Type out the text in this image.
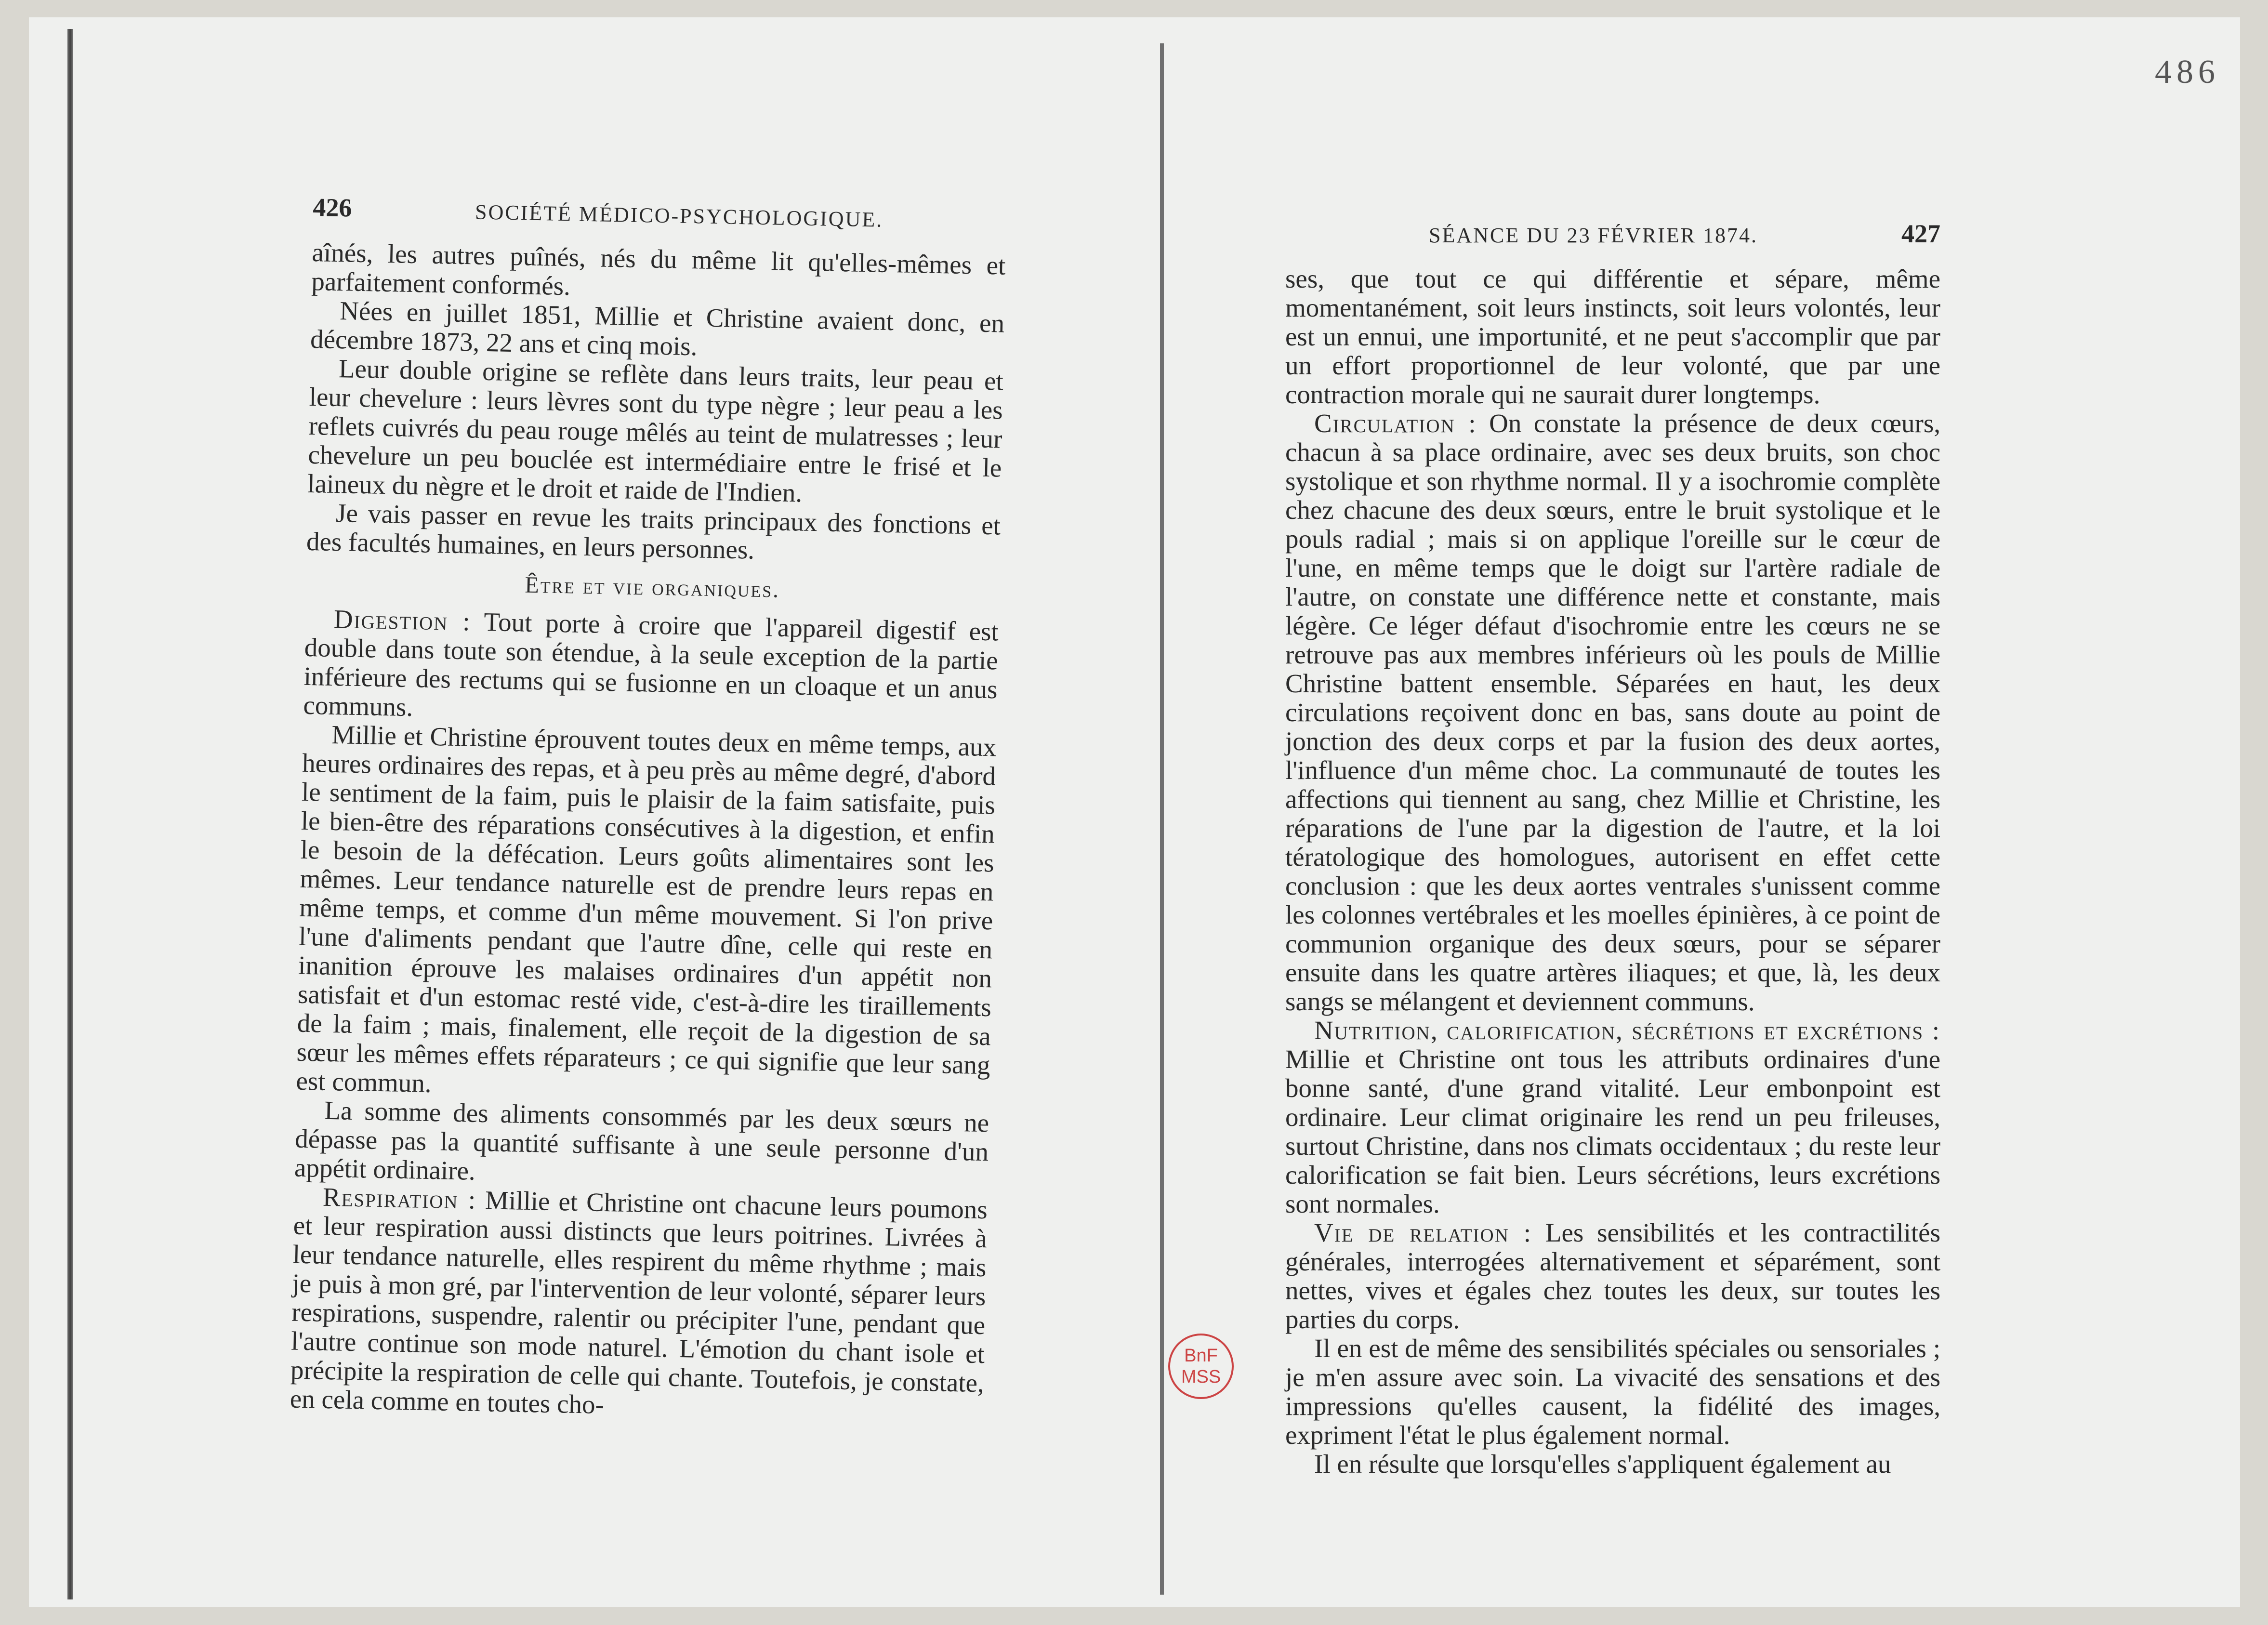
486
426	SOCIÉTÉ MÉDICO-PSYCHOLOGIQUE.

aînés, les autres puînés, nés du même lit qu'elles-mêmes et parfaitement conformés.

Nées en juillet 1851, Millie et Christine avaient donc, en décembre 1873, 22 ans et cinq mois.

Leur double origine se reflète dans leurs traits, leur peau et leur chevelure : leurs lèvres sont du type nègre ; leur peau a les reflets cuivrés du peau rouge mêlés au teint de mulatresses ; leur chevelure un peu bouclée est intermédiaire entre le frisé et le laineux du nègre et le droit et raide de l'Indien.

Je vais passer en revue les traits principaux des fonctions et des facultés humaines, en leurs personnes.

Être et vie organiques.

Digestion : Tout porte à croire que l'appareil digestif est double dans toute son étendue, à la seule exception de la partie inférieure des rectums qui se fusionne en un cloaque et un anus communs.

Millie et Christine éprouvent toutes deux en même temps, aux heures ordinaires des repas, et à peu près au même degré, d'abord le sentiment de la faim, puis le plaisir de la faim satisfaite, puis le bien-être des réparations consécutives à la digestion, et enfin le besoin de la défécation. Leurs goûts alimentaires sont les mêmes. Leur tendance naturelle est de prendre leurs repas en même temps, et comme d'un même mouvement. Si l'on prive l'une d'aliments pendant que l'autre dîne, celle qui reste en inanition éprouve les malaises ordinaires d'un appétit non satisfait et d'un estomac resté vide, c'est-à-dire les tiraillements de la faim ; mais, finalement, elle reçoit de la digestion de sa sœur les mêmes effets réparateurs ; ce qui signifie que leur sang est commun.

La somme des aliments consommés par les deux sœurs ne dépasse pas la quantité suffisante à une seule personne d'un appétit ordinaire.

Respiration : Millie et Christine ont chacune leurs poumons et leur respiration aussi distincts que leurs poitrines. Livrées à leur tendance naturelle, elles respirent du même rhythme ; mais je puis à mon gré, par l'intervention de leur volonté, séparer leurs respirations, suspendre, ralentir ou précipiter l'une, pendant que l'autre continue son mode naturel. L'émotion du chant isole et précipite la respiration de celle qui chante. Toutefois, je constate, en cela comme en toutes cho-

SÉANCE DU 23 FÉVRIER 1874.	427

ses, que tout ce qui différentie et sépare, même momentanément, soit leurs instincts, soit leurs volontés, leur est un ennui, une importunité, et ne peut s'accomplir que par un effort proportionnel de leur volonté, que par une contraction morale qui ne saurait durer longtemps.

Circulation : On constate la présence de deux cœurs, chacun à sa place ordinaire, avec ses deux bruits, son choc systolique et son rhythme normal. Il y a isochromie complète chez chacune des deux sœurs, entre le bruit systolique et le pouls radial ; mais si on applique l'oreille sur le cœur de l'une, en même temps que le doigt sur l'artère radiale de l'autre, on constate une différence nette et constante, mais légère. Ce léger défaut d'isochromie entre les cœurs ne se retrouve pas aux membres inférieurs où les pouls de Millie Christine battent ensemble. Séparées en haut, les deux circulations reçoivent donc en bas, sans doute au point de jonction des deux corps et par la fusion des deux aortes, l'influence d'un même choc. La communauté de toutes les affections qui tiennent au sang, chez Millie et Christine, les réparations de l'une par la digestion de l'autre, et la loi tératologique des homologues, autorisent en effet cette conclusion : que les deux aortes ventrales s'unissent comme les colonnes vertébrales et les moelles épinières, à ce point de communion organique des deux sœurs, pour se séparer ensuite dans les quatre artères iliaques; et que, là, les deux sangs se mélangent et deviennent communs.

Nutrition, calorification, sécrétions et excrétions : Millie et Christine ont tous les attributs ordinaires d'une bonne santé, d'une grand vitalité. Leur embonpoint est ordinaire. Leur climat originaire les rend un peu frileuses, surtout Christine, dans nos climats occidentaux ; du reste leur calorification se fait bien. Leurs sécrétions, leurs excrétions sont normales.

Vie de relation : Les sensibilités et les contractilités générales, interrogées alternativement et séparément, sont nettes, vives et égales chez toutes les deux, sur toutes les parties du corps.

Il en est de même des sensibilités spéciales ou sensoriales ; je m'en assure avec soin. La vivacité des sensations et des impressions qu'elles causent, la fidélité des images, expriment l'état le plus également normal.

Il en résulte que lorsqu'elles s'appliquent également au

BnF
MSS
